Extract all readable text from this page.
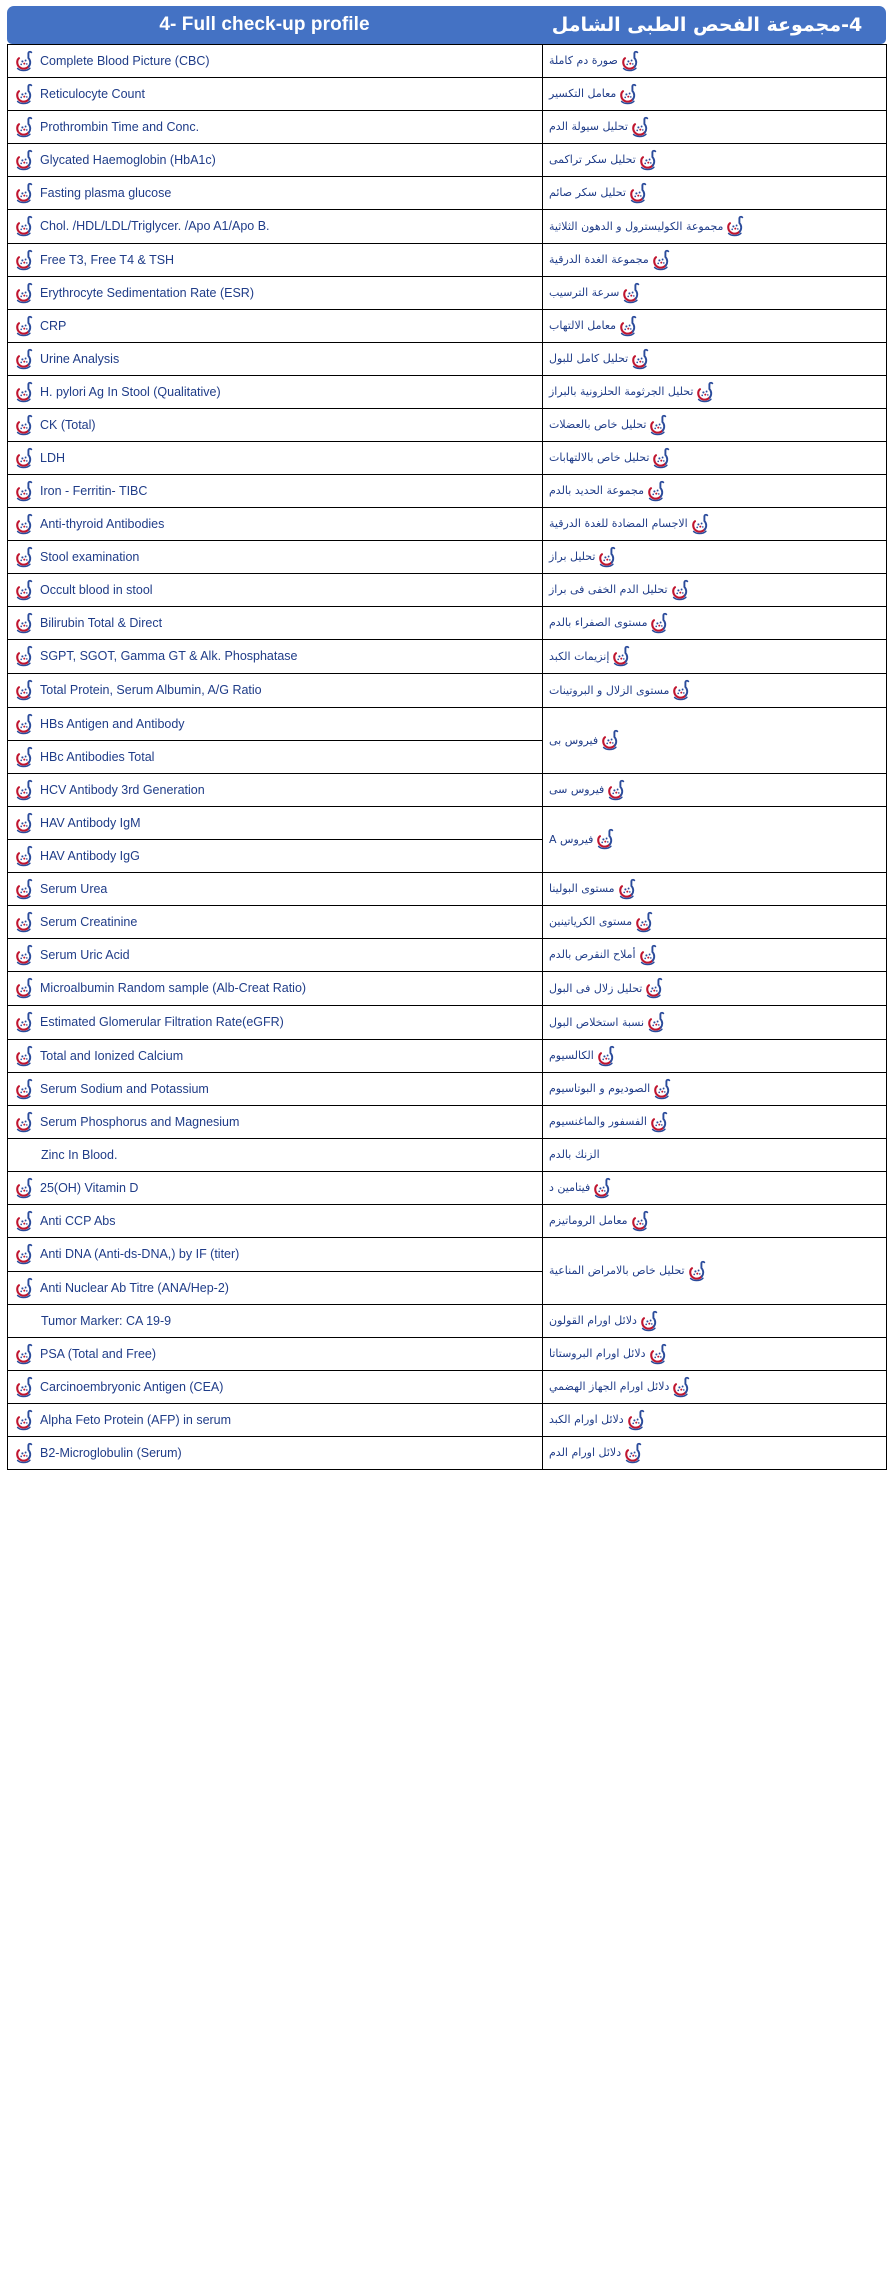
4- Full check-up profile	4-مجموعة الفحص الطبى الشامل
Complete Blood Picture (CBC)	صورة دم كاملة

Reticulocyte Count	معامل التكسير

Prothrombin Time and Conc.	تحليل سيولة الدم

Glycated Haemoglobin (HbA1c)	تحليل سكر تراكمى

Fasting plasma glucose	تحليل سكر صائم

Chol. /HDL/LDL/Triglycer. /Apo A1/Apo B.	مجموعة الكوليسترول و الدهون الثلاثية

Free T3, Free T4 & TSH	مجموعة الغدة الدرقية

Erythrocyte Sedimentation Rate (ESR)	سرعة الترسيب

CRP	معامل الالتهاب

Urine Analysis	تحليل كامل للبول

H. pylori Ag In Stool (Qualitative)	تحليل الجرثومة الحلزونية بالبراز

CK (Total)	تحليل خاص بالعضلات

LDH	تحليل خاص بالالتهابات

Iron - Ferritin- TIBC	مجموعة الحديد بالدم

Anti-thyroid Antibodies	الاجسام المضادة للغدة الدرقية

Stool examination	تحليل براز

Occult blood in stool	تحليل الدم الخفى فى براز

Bilirubin Total & Direct	مستوى الصفراء بالدم

SGPT, SGOT, Gamma GT & Alk. Phosphatase	إنزيمات الكبد

Total Protein, Serum Albumin, A/G Ratio	مستوى الزلال و البروتينات

HBs Antigen and Antibody	فيروس بى

HBc Antibodies Total	

HCV Antibody 3rd Generation	فيروس سى

HAV Antibody IgM	فيروس A

HAV Antibody IgG	

Serum Urea	مستوى البولينا

Serum Creatinine	مستوى الكرياتينين

Serum Uric Acid	أملاح النقرص بالدم

Microalbumin Random sample (Alb-Creat Ratio)	تحليل زلال فى البول

Estimated Glomerular Filtration Rate(eGFR)	نسبة استخلاص البول

Total and Ionized Calcium	الكالسيوم

Serum Sodium and Potassium	الصوديوم و البوتاسيوم

Serum Phosphorus and Magnesium	الفسفور والماغنسيوم

Zinc In Blood.	الزنك بالدم

25(OH) Vitamin D	فيتامين د

Anti CCP Abs	معامل الروماتيزم

Anti DNA (Anti-ds-DNA,) by IF (titer)	تحليل خاص بالامراض المناعية

Anti Nuclear Ab Titre (ANA/Hep-2)	

Tumor Marker: CA 19-9	دلائل اورام القولون

PSA (Total and Free)	دلائل اورام البروستاتا

Carcinoembryonic Antigen (CEA)	دلائل اورام الجهاز الهضمي

Alpha Feto Protein (AFP) in serum	دلائل اورام الكبد

B2-Microglobulin (Serum)	دلائل اورام الدم
